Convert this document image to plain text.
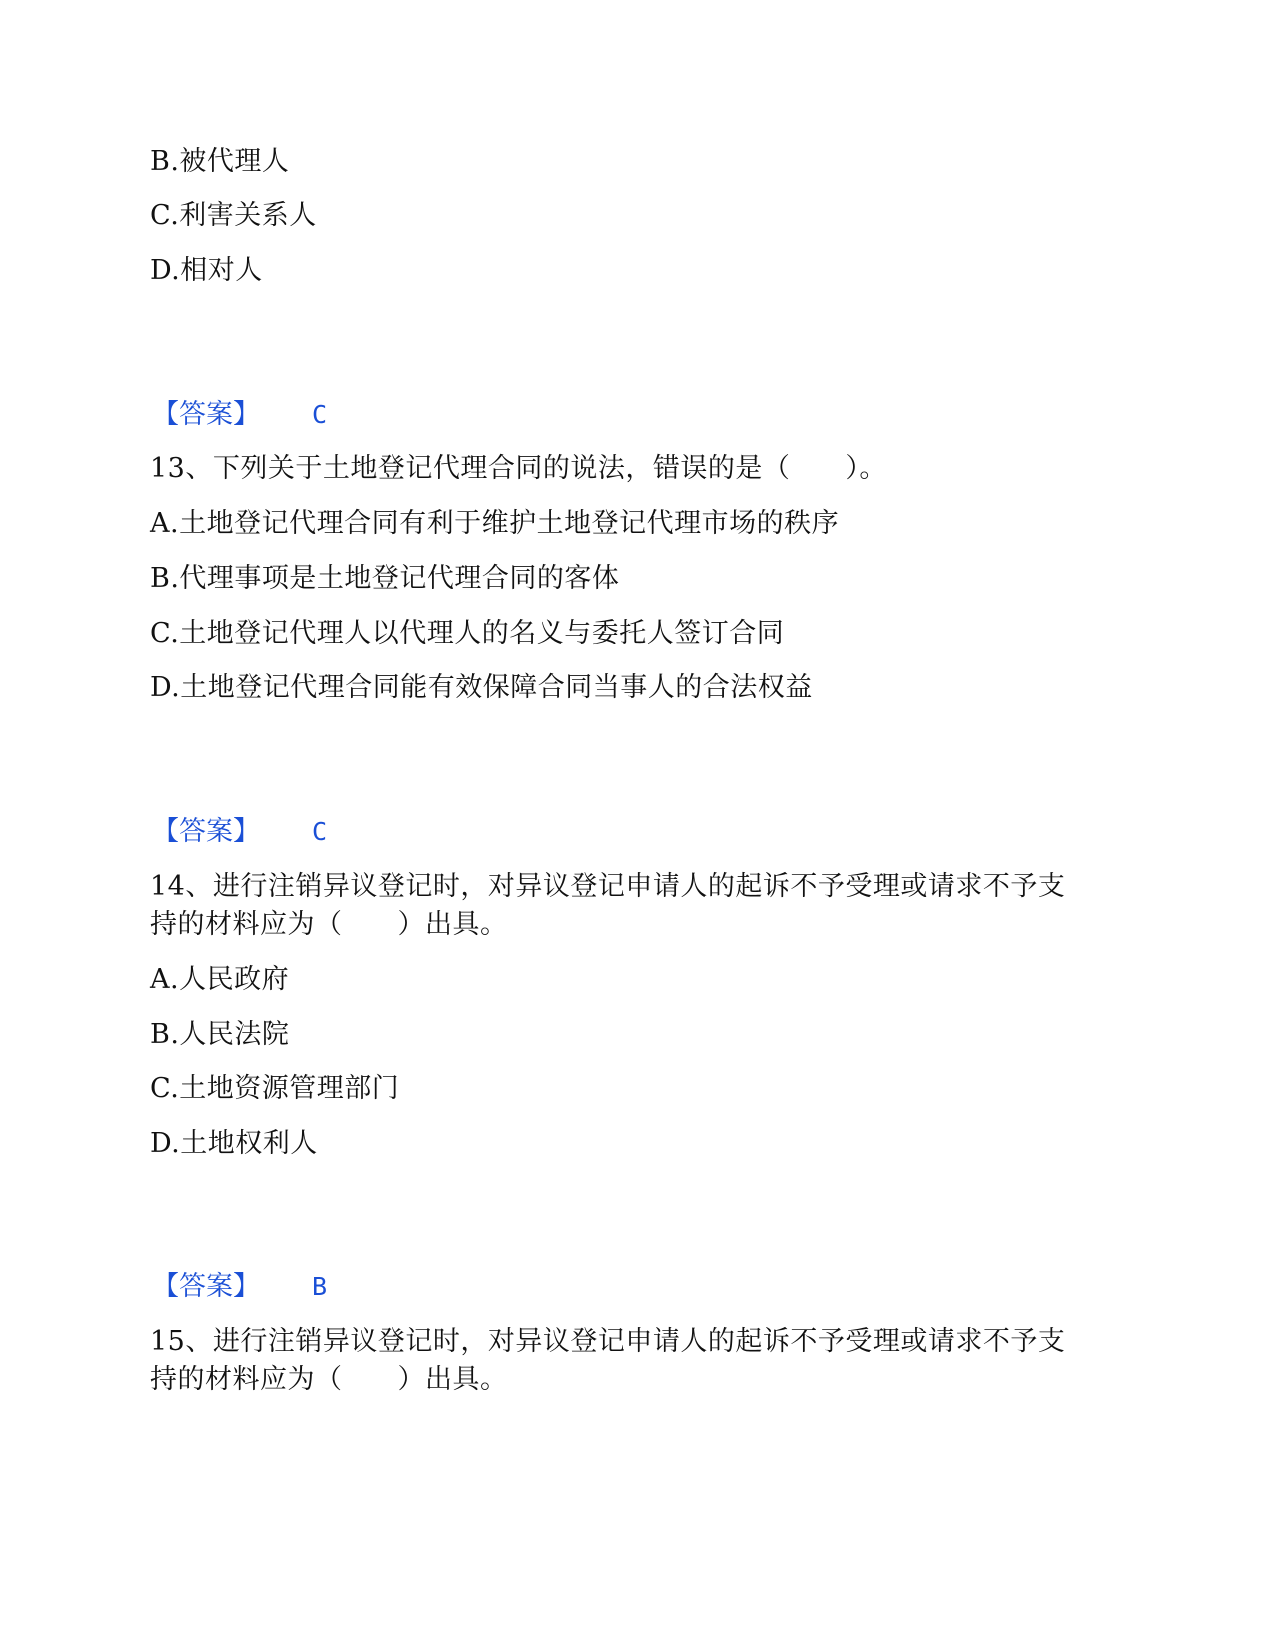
B.被代理人
C.利害关系人
D.相对人
【答案】 C
13、下列关于土地登记代理合同的说法，错误的是（　　）。
A.土地登记代理合同有利于维护土地登记代理市场的秩序
B.代理事项是土地登记代理合同的客体
C.土地登记代理人以代理人的名义与委托人签订合同
D.土地登记代理合同能有效保障合同当事人的合法权益
【答案】 C
14、进行注销异议登记时，对异议登记申请人的起诉不予受理或请求不予支
持的材料应为（　　）出具。
A.人民政府
B.人民法院
C.土地资源管理部门
D.土地权利人
【答案】 B
15、进行注销异议登记时，对异议登记申请人的起诉不予受理或请求不予支
持的材料应为（　　）出具。
